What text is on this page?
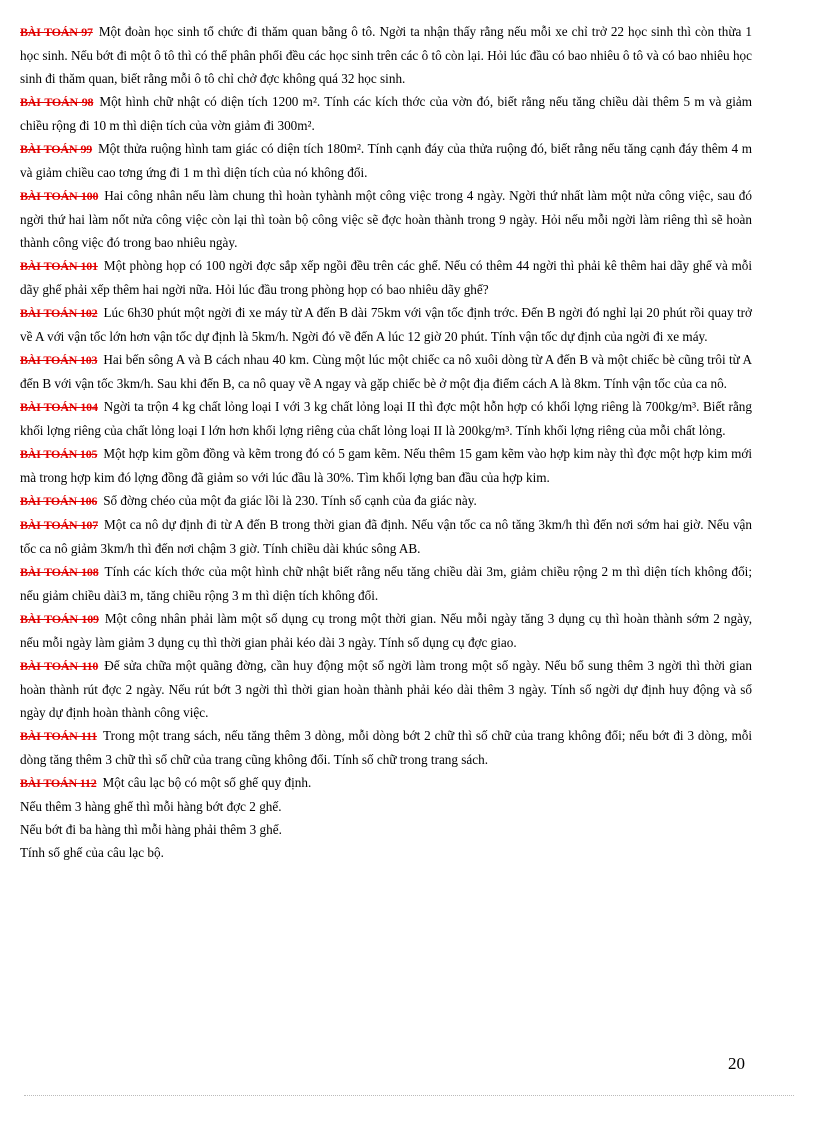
BÀI TOÁN 97 Một đoàn học sinh tổ chức đi thăm quan bằng ô tô. Ngời ta nhận thấy rằng nếu mỗi xe chỉ trở 22 học sinh thì còn thừa 1 học sinh. Nếu bớt đi một ô tô thì có thể phân phối đều các học sinh trên các ô tô còn lại. Hỏi lúc đầu có bao nhiêu ô tô và có bao nhiêu học sinh đi thăm quan, biết rằng mỗi ô tô chỉ chở đợc không quá 32 học sinh.

BÀI TOÁN 98 Một hình chữ nhật có diện tích 1200 m². Tính các kích thớc của vờn đó, biết rằng nếu tăng chiều dài thêm 5 m và giảm chiều rộng đi 10 m thì diện tích của vờn giảm đi 300m².

BÀI TOÁN 99 Một thửa ruộng hình tam giác có diện tích 180m². Tính cạnh đáy của thửa ruộng đó, biết rằng nếu tăng cạnh đáy thêm 4 m và giảm chiều cao tơng ứng đi 1 m thì diện tích của nó không đổi.

BÀI TOÁN 100 Hai công nhân nếu làm chung thì hoàn tyhành một công việc trong 4 ngày. Ngời thứ nhất làm một nửa công việc, sau đó ngời thứ hai làm nốt nửa công việc còn lại thì toàn bộ công việc sẽ đợc hoàn thành trong 9 ngày. Hỏi nếu mỗi ngời làm riêng thì sẽ hoàn thành công việc đó trong bao nhiêu ngày.

BÀI TOÁN 101 Một phòng họp có 100 ngời đợc sắp xếp ngồi đều trên các ghế. Nếu có thêm 44 ngời thì phải kê thêm hai dãy ghế và mỗi dãy ghế phải xếp thêm hai ngời nữa. Hỏi lúc đầu trong phòng họp có bao nhiêu dãy ghế?

BÀI TOÁN 102 Lúc 6h30 phút một ngời đi xe máy từ A đến B dài 75km với vận tốc định trớc. Đến B ngời đó nghỉ lại 20 phút rồi quay trở về A với vận tốc lớn hơn vận tốc dự định là 5km/h. Ngời đó về đến A lúc 12 giờ 20 phút. Tính vận tốc dự định của ngời đi xe máy.

BÀI TOÁN 103 Hai bến sông A và B cách nhau 40 km. Cùng một lúc một chiếc ca nô xuôi dòng từ A đến B và một chiếc bè cũng trôi từ A đến B với vận tốc 3km/h. Sau khi đến B, ca nô quay về A ngay và gặp chiếc bè ở một địa điểm cách A là 8km. Tính vận tốc của ca nô.

BÀI TOÁN 104 Ngời ta trộn 4 kg chất lỏng loại I với 3 kg chất lỏng loại II thì đợc một hỗn hợp có khối lợng riêng là 700kg/m³. Biết rằng khối lợng riêng của chất lỏng loại I lớn hơn khối lợng riêng của chất lỏng loại II là 200kg/m³. Tính khối lợng riêng của mỗi chất lỏng.

BÀI TOÁN 105 Một hợp kim gồm đồng và kẽm trong đó có 5 gam kẽm. Nếu thêm 15 gam kẽm vào hợp kim này thì đợc một hợp kim mới mà trong hợp kim đó lợng đồng đã giảm so với lúc đầu là 30%. Tìm khối lợng ban đầu của hợp kim.

BÀI TOÁN 106 Số đờng chéo của một đa giác lồi là 230. Tính số cạnh của đa giác này.

BÀI TOÁN 107 Một ca nô dự định đi từ A đến B trong thời gian đã định. Nếu vận tốc ca nô tăng 3km/h thì đến nơi sớm hai giờ. Nếu vận tốc ca nô giảm 3km/h thì đến nơi chậm 3 giờ. Tính chiều dài khúc sông AB.

BÀI TOÁN 108 Tính các kích thớc của một hình chữ nhật biết rằng nếu tăng chiều dài 3m, giảm chiều rộng 2 m thì diện tích không đổi; nếu giảm chiều dài3 m, tăng chiều rộng 3 m thì diện tích không đổi.

BÀI TOÁN 109 Một công nhân phải làm một số dụng cụ trong một thời gian. Nếu mỗi ngày tăng 3 dụng cụ thì hoàn thành sớm 2 ngày, nếu mỗi ngày làm giảm 3 dụng cụ thì thời gian phải kéo dài 3 ngày. Tính số dụng cụ đợc giao.

BÀI TOÁN 110 Để sửa chữa một quãng đờng, cần huy động một số ngời làm trong một số ngày. Nếu bổ sung thêm 3 ngời thì thời gian hoàn thành rút đợc 2 ngày. Nếu rút bớt 3 ngời thì thời gian hoàn thành phải kéo dài thêm 3 ngày. Tính số ngời dự định huy động và số ngày dự định hoàn thành công việc.

BÀI TOÁN 111 Trong một trang sách, nếu tăng thêm 3 dòng, mỗi dòng bớt 2 chữ thì số chữ của trang không đổi; nếu bớt đi 3 dòng, mỗi dòng tăng thêm 3 chữ thì số chữ của trang cũng không đổi. Tính số chữ trong trang sách.

BÀI TOÁN 112 Một câu lạc bộ có một số ghế quy định.

Nếu thêm 3 hàng ghế thì mỗi hàng bớt đợc 2 ghế.

Nếu bớt đi ba hàng thì mỗi hàng phải thêm 3 ghế.

Tính số ghế của câu lạc bộ.

20
